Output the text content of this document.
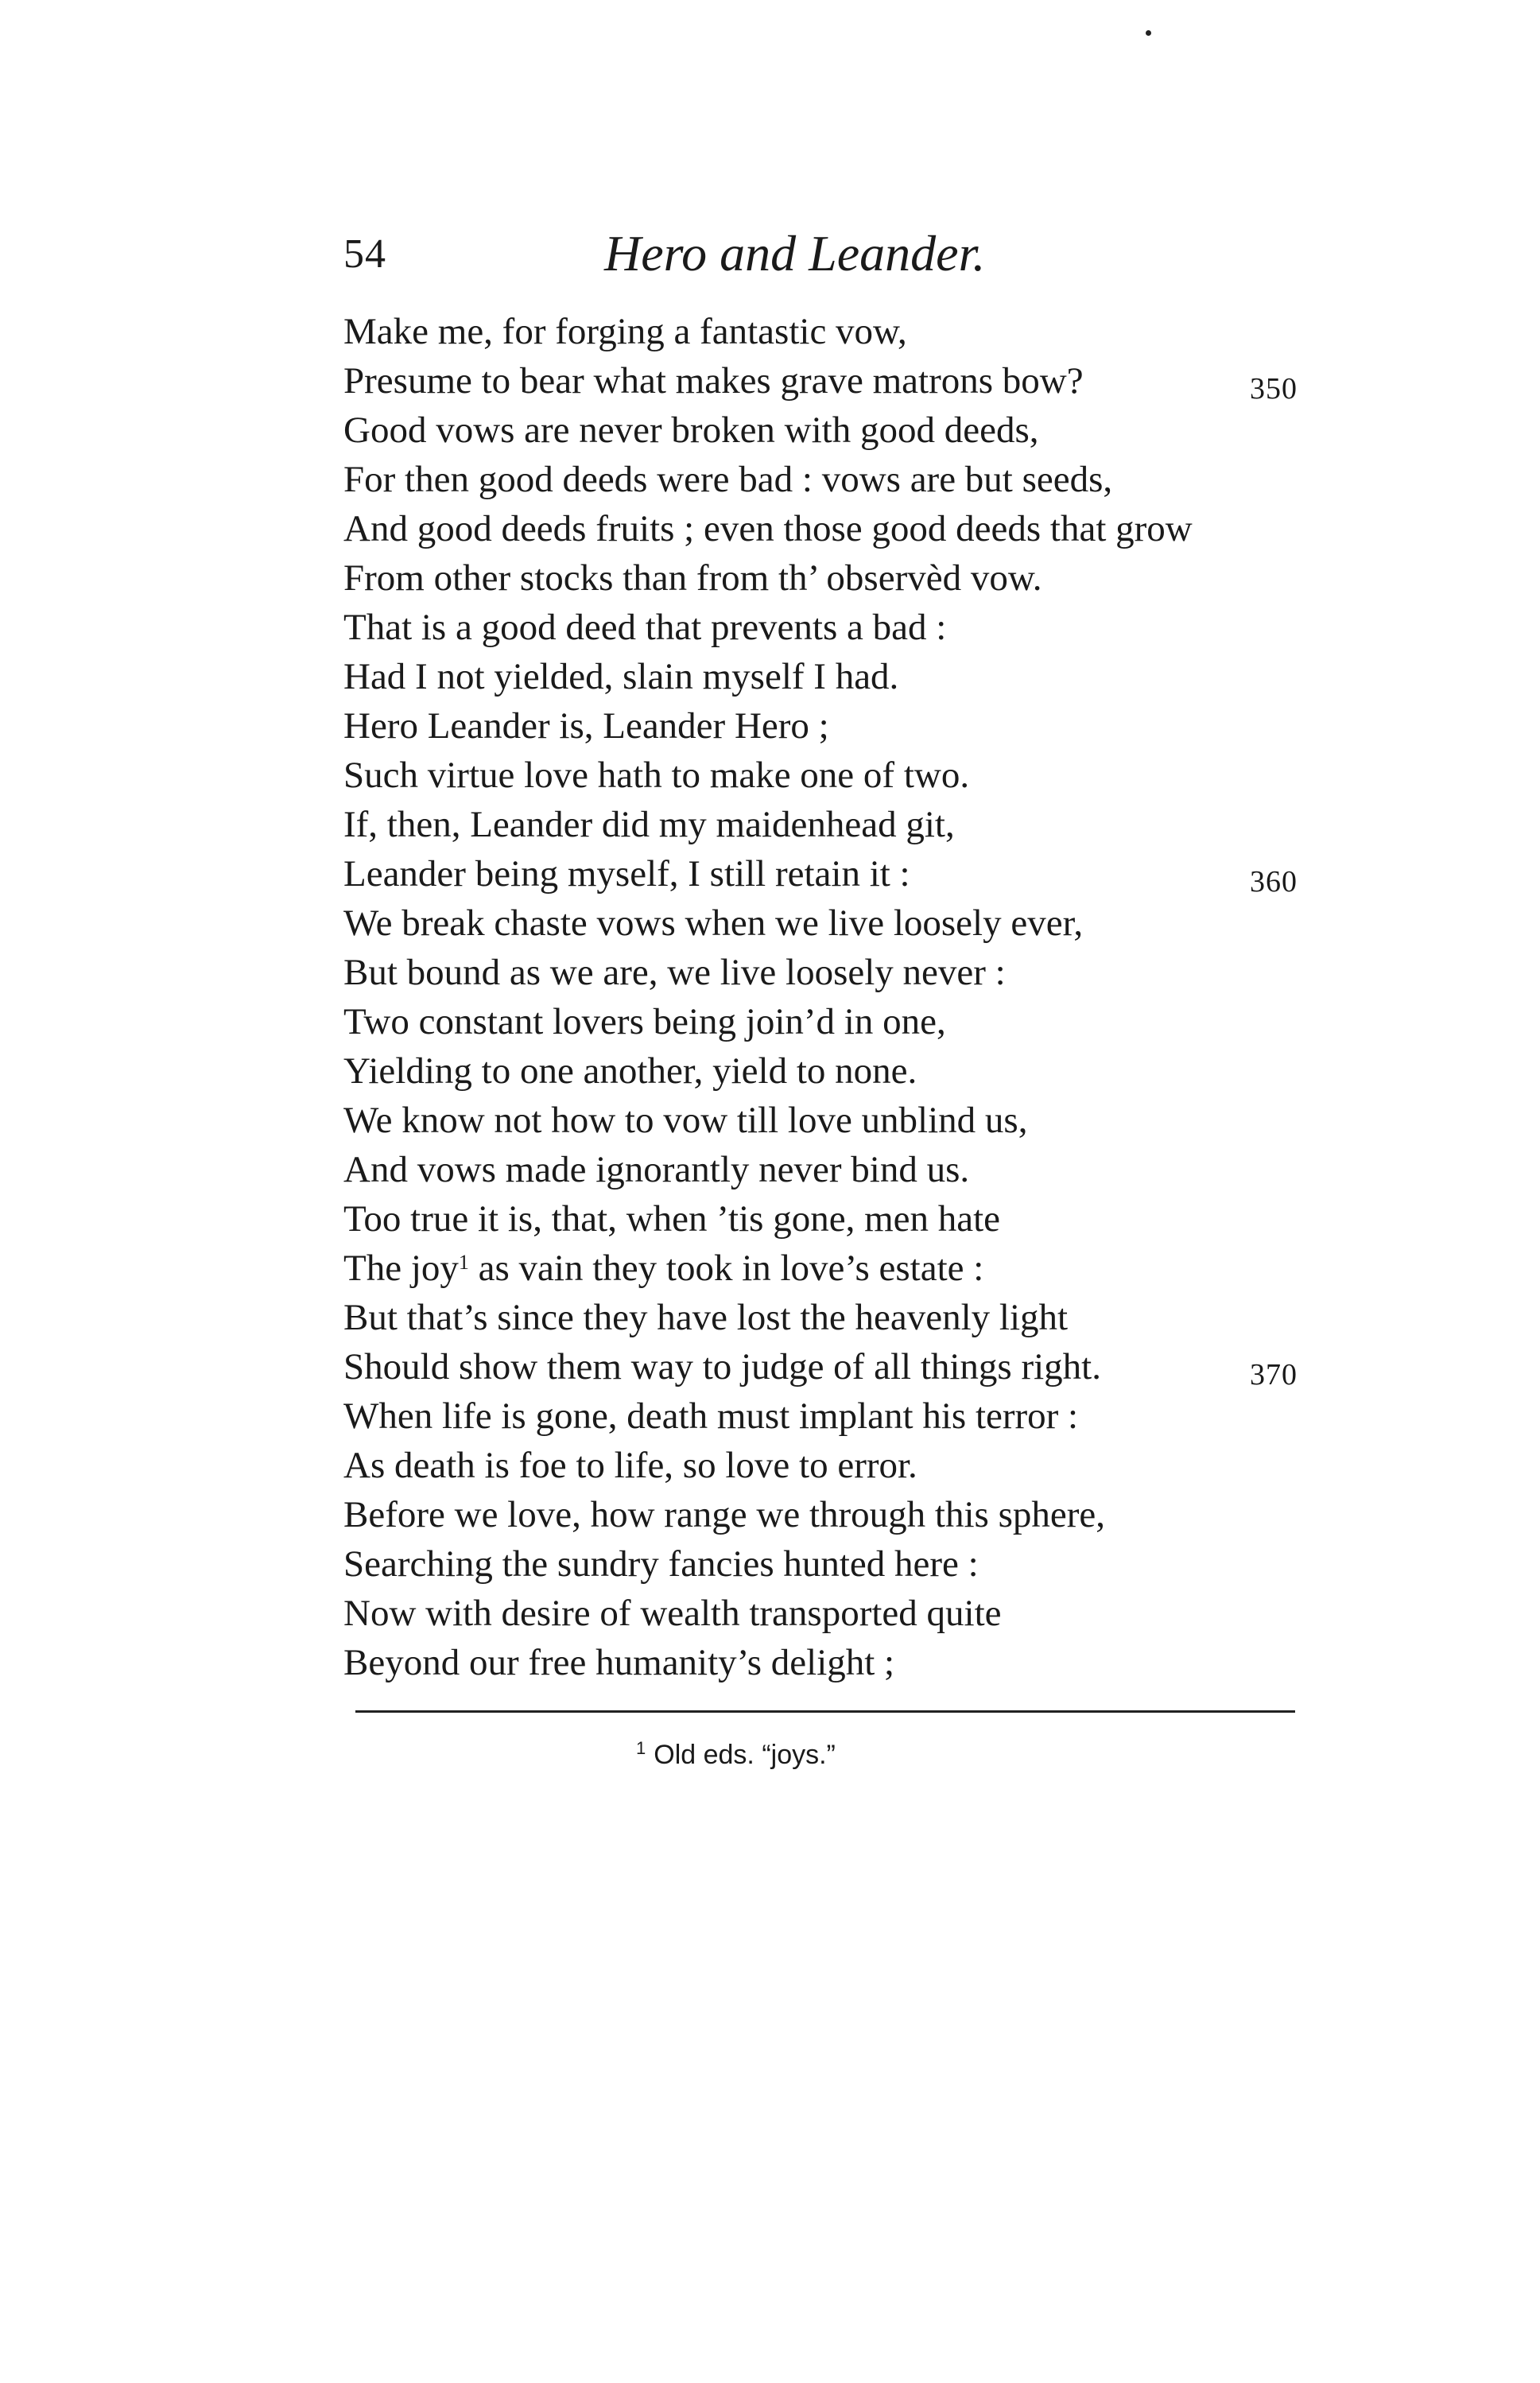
54	Hero and Leander.
Make me, for forging a fantastic vow,
Presume to bear what makes grave matrons bow?	350
Good vows are never broken with good deeds,
For then good deeds were bad : vows are but seeds,
And good deeds fruits ; even those good deeds that grow
From other stocks than from th’ observèd vow.
That is a good deed that prevents a bad :
Had I not yielded, slain myself I had.
Hero Leander is, Leander Hero ;
Such virtue love hath to make one of two.
If, then, Leander did my maidenhead git,
Leander being myself, I still retain it :	360
We break chaste vows when we live loosely ever,
But bound as we are, we live loosely never :
Two constant lovers being join’d in one,
Yielding to one another, yield to none.
We know not how to vow till love unblind us,
And vows made ignorantly never bind us.
Too true it is, that, when ’tis gone, men hate
The joy$^1$ as vain they took in love’s estate :
But that’s since they have lost the heavenly light
Should show them way to judge of all things right.	370
When life is gone, death must implant his terror :
As death is foe to life, so love to error.
Before we love, how range we through this sphere,
Searching the sundry fancies hunted here :
Now with desire of wealth transported quite
Beyond our free humanity’s delight ;
$^1$ Old eds. “joys.”
